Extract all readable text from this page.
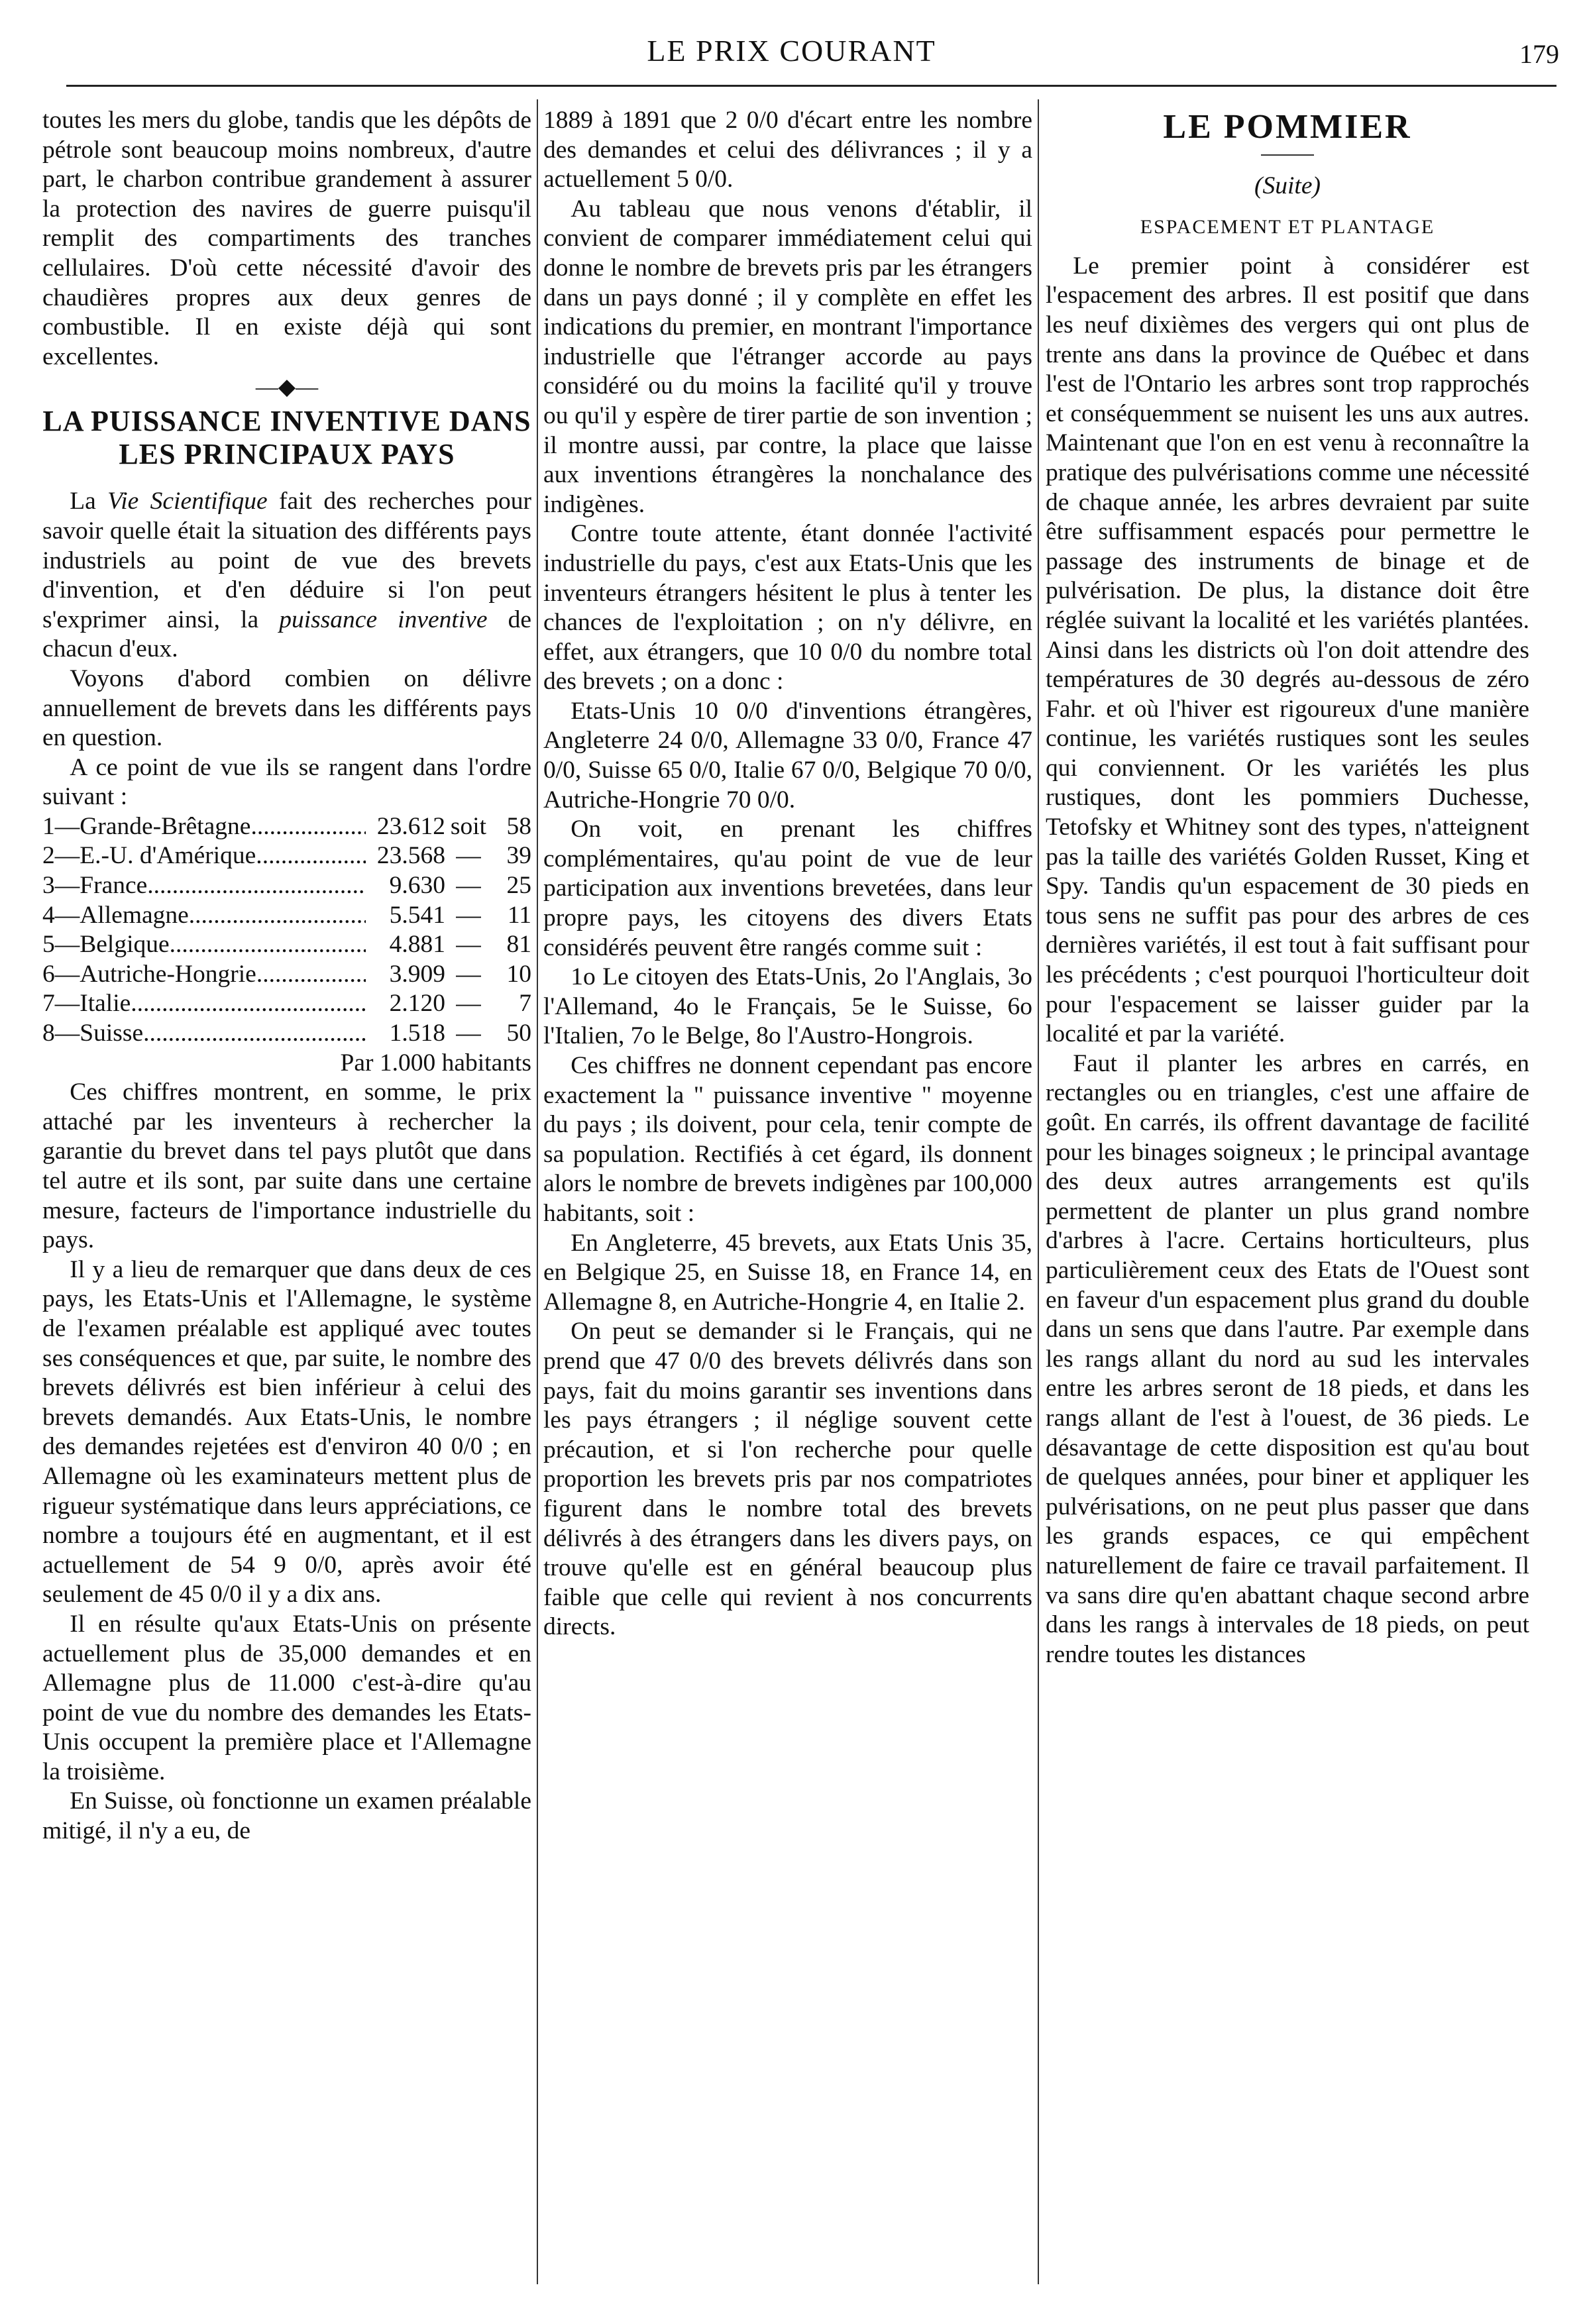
LE PRIX COURANT	179

toutes les mers du globe, tandis que les dépôts de pétrole sont beaucoup moins nombreux, d'autre part, le charbon contribue grandement à assurer la protection des navires de guerre puisqu'il remplit des compartiments des tranches cellulaires. D'où cette nécessité d'avoir des chaudières propres aux deux genres de combustible. Il en existe déjà qui sont excellentes.

—◆—
LA PUISSANCE INVENTIVE DANS LES PRINCIPAUX PAYS

La Vie Scientifique fait des recherches pour savoir quelle était la situation des différents pays industriels au point de vue des brevets d'invention, et d'en déduire si l'on peut s'exprimer ainsi, la puissance inventive de chacun d'eux.

Voyons d'abord combien on délivre annuellement de brevets dans les différents pays en question.

A ce point de vue ils se rangent dans l'ordre suivant :

1—Grande-Brêtagne .....	23.612 soit 58
2—E.-U. d'Amérique. .....	23.568 —	39
3—France .....	9.630 —	25
4—Allemagne .....	5.541 —	11
5—Belgique .....	4.881 —	81
6—Autriche-Hongrie. .....	3.909 —	10
7—Italie .....	2.120 —	7
8—Suisse .....	1.518 —	50
Par 1.000 habitants

Ces chiffres montrent, en somme, le prix attaché par les inventeurs à rechercher la garantie du brevet dans tel pays plutôt que dans tel autre et ils sont, par suite dans une certaine mesure, facteurs de l'importance industrielle du pays.

Il y a lieu de remarquer que dans deux de ces pays, les Etats-Unis et l'Allemagne, le système de l'examen préalable est appliqué avec toutes ses conséquences et que, par suite, le nombre des brevets délivrés est bien inférieur à celui des brevets demandés. Aux Etats-Unis, le nombre des demandes rejetées est d'environ 40 0/0 ; en Allemagne où les examinateurs mettent plus de rigueur systématique dans leurs appréciations, ce nombre a toujours été en augmentant, et il est actuellement de 54 9 0/0, après avoir été seulement de 45 0/0 il y a dix ans.

Il en résulte qu'aux Etats-Unis on présente actuellement plus de 35,000 demandes et en Allemagne plus de 11.000 c'est-à-dire qu'au point de vue du nombre des demandes les Etats-Unis occupent la première place et l'Allemagne la troisième.

En Suisse, où fonctionne un examen préalable mitigé, il n'y a eu, de

1889 à 1891 que 2 0/0 d'écart entre les nombre des demandes et celui des délivrances ; il y a actuellement 5 0/0.

Au tableau que nous venons d'établir, il convient de comparer immédiatement celui qui donne le nombre de brevets pris par les étrangers dans un pays donné ; il y complète en effet les indications du premier, en montrant l'importance industrielle que l'étranger accorde au pays considéré ou du moins la facilité qu'il y trouve ou qu'il y espère de tirer partie de son invention ; il montre aussi, par contre, la place que laisse aux inventions étrangères la nonchalance des indigènes.

Contre toute attente, étant donnée l'activité industrielle du pays, c'est aux Etats-Unis que les inventeurs étrangers hésitent le plus à tenter les chances de l'exploitation ; on n'y délivre, en effet, aux étrangers, que 10 0/0 du nombre total des brevets ; on a donc :

Etats-Unis 10 0/0 d'inventions étrangères, Angleterre 24 0/0, Allemagne 33 0/0, France 47 0/0, Suisse 65 0/0, Italie 67 0/0, Belgique 70 0/0, Autriche-Hongrie 70 0/0.

On voit, en prenant les chiffres complémentaires, qu'au point de vue de leur participation aux inventions brevetées, dans leur propre pays, les citoyens des divers Etats considérés peuvent être rangés comme suit :

1o Le citoyen des Etats-Unis, 2o l'Anglais, 3o l'Allemand, 4o le Français, 5e le Suisse, 6o l'Italien, 7o le Belge, 8o l'Austro-Hongrois.

Ces chiffres ne donnent cependant pas encore exactement la " puissance inventive " moyenne du pays ; ils doivent, pour cela, tenir compte de sa population. Rectifiés à cet égard, ils donnent alors le nombre de brevets indigènes par 100,000 habitants, soit :

En Angleterre, 45 brevets, aux Etats Unis 35, en Belgique 25, en Suisse 18, en France 14, en Allemagne 8, en Autriche-Hongrie 4, en Italie 2.

On peut se demander si le Français, qui ne prend que 47 0/0 des brevets délivrés dans son pays, fait du moins garantir ses inventions dans les pays étrangers ; il néglige souvent cette précaution, et si l'on recherche pour quelle proportion les brevets pris par nos compatriotes figurent dans le nombre total des brevets délivrés à des étrangers dans les divers pays, on trouve qu'elle est en général beaucoup plus faible que celle qui revient à nos concurrents directs.

LE POMMIER
(Suite)
ESPACEMENT ET PLANTAGE

Le premier point à considérer est l'espacement des arbres. Il est positif que dans les neuf dixièmes des vergers qui ont plus de trente ans dans la province de Québec et dans l'est de l'Ontario les arbres sont trop rapprochés et conséquemment se nuisent les uns aux autres. Maintenant que l'on en est venu à reconnaître la pratique des pulvérisations comme une nécessité de chaque année, les arbres devraient par suite être suffisamment espacés pour permettre le passage des instruments de binage et de pulvérisation. De plus, la distance doit être réglée suivant la localité et les variétés plantées. Ainsi dans les districts où l'on doit attendre des températures de 30 degrés au-dessous de zéro Fahr. et où l'hiver est rigoureux d'une manière continue, les variétés rustiques sont les seules qui conviennent. Or les variétés les plus rustiques, dont les pommiers Duchesse, Tetofsky et Whitney sont des types, n'atteignent pas la taille des variétés Golden Russet, King et Spy. Tandis qu'un espacement de 30 pieds en tous sens ne suffit pas pour des arbres de ces dernières variétés, il est tout à fait suffisant pour les précédents ; c'est pourquoi l'horticulteur doit pour l'espacement se laisser guider par la localité et par la variété.

Faut il planter les arbres en carrés, en rectangles ou en triangles, c'est une affaire de goût. En carrés, ils offrent davantage de facilité pour les binages soigneux ; le principal avantage des deux autres arrangements est qu'ils permettent de planter un plus grand nombre d'arbres à l'acre. Certains horticulteurs, plus particulièrement ceux des Etats de l'Ouest sont en faveur d'un espacement plus grand du double dans un sens que dans l'autre. Par exemple dans les rangs allant du nord au sud les intervales entre les arbres seront de 18 pieds, et dans les rangs allant de l'est à l'ouest, de 36 pieds. Le désavantage de cette disposition est qu'au bout de quelques années, pour biner et appliquer les pulvérisations, on ne peut plus passer que dans les grands espaces, ce qui empêchent naturellement de faire ce travail parfaitement. Il va sans dire qu'en abattant chaque second arbre dans les rangs à intervales de 18 pieds, on peut rendre toutes les distances
